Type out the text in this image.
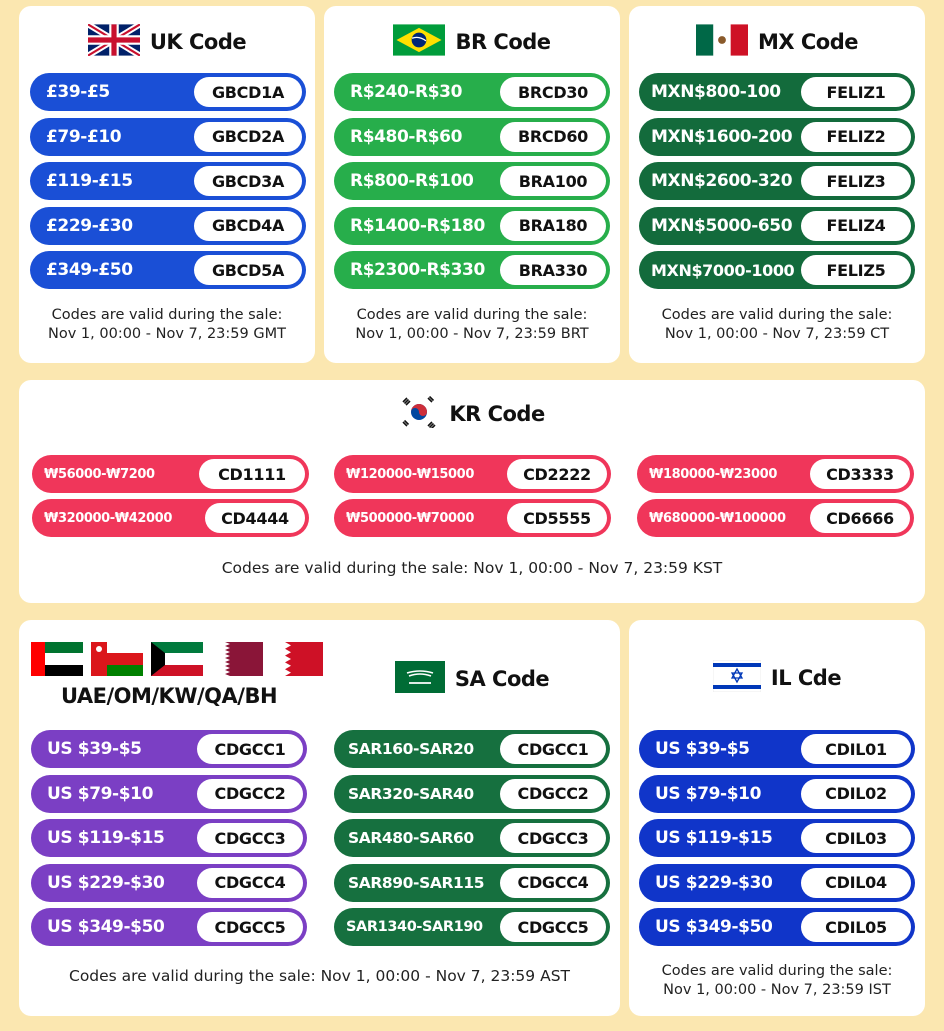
UK Code
£39-£5	GBCD1A
£79-£10	GBCD2A
£119-£15	GBCD3A
£229-£30	GBCD4A
£349-£50	GBCD5A
Codes are valid during the sale:
Nov 1, 00:00 - Nov 7, 23:59 GMT
BR Code
R$240-R$30	BRCD30
R$480-R$60	BRCD60
R$800-R$100	BRA100
R$1400-R$180	BRA180
R$2300-R$330	BRA330
Codes are valid during the sale:
Nov 1, 00:00 - Nov 7, 23:59 BRT
MX Code
MXN$800-100	FELIZ1
MXN$1600-200	FELIZ2
MXN$2600-320	FELIZ3
MXN$5000-650	FELIZ4
MXN$7000-1000	FELIZ5
Codes are valid during the sale:
Nov 1, 00:00 - Nov 7, 23:59 CT
KR Code
₩56000-₩7200	CD1111	₩120000-₩15000	CD2222	₩180000-₩23000	CD3333
₩320000-₩42000	CD4444	₩500000-₩70000	CD5555	₩680000-₩100000	CD6666
Codes are valid during the sale: Nov 1, 00:00 - Nov 7, 23:59 KST
UAE/OM/KW/QA/BH
SA Code
US $39-$5	CDGCC1
US $79-$10	CDGCC2
US $119-$15	CDGCC3
US $229-$30	CDGCC4
US $349-$50	CDGCC5
SAR160-SAR20	CDGCC1
SAR320-SAR40	CDGCC2
SAR480-SAR60	CDGCC3
SAR890-SAR115	CDGCC4
SAR1340-SAR190	CDGCC5
Codes are valid during the sale: Nov 1, 00:00 - Nov 7, 23:59 AST
IL Cde
US $39-$5	CDIL01
US $79-$10	CDIL02
US $119-$15	CDIL03
US $229-$30	CDIL04
US $349-$50	CDIL05
Codes are valid during the sale:
Nov 1, 00:00 - Nov 7, 23:59 IST
